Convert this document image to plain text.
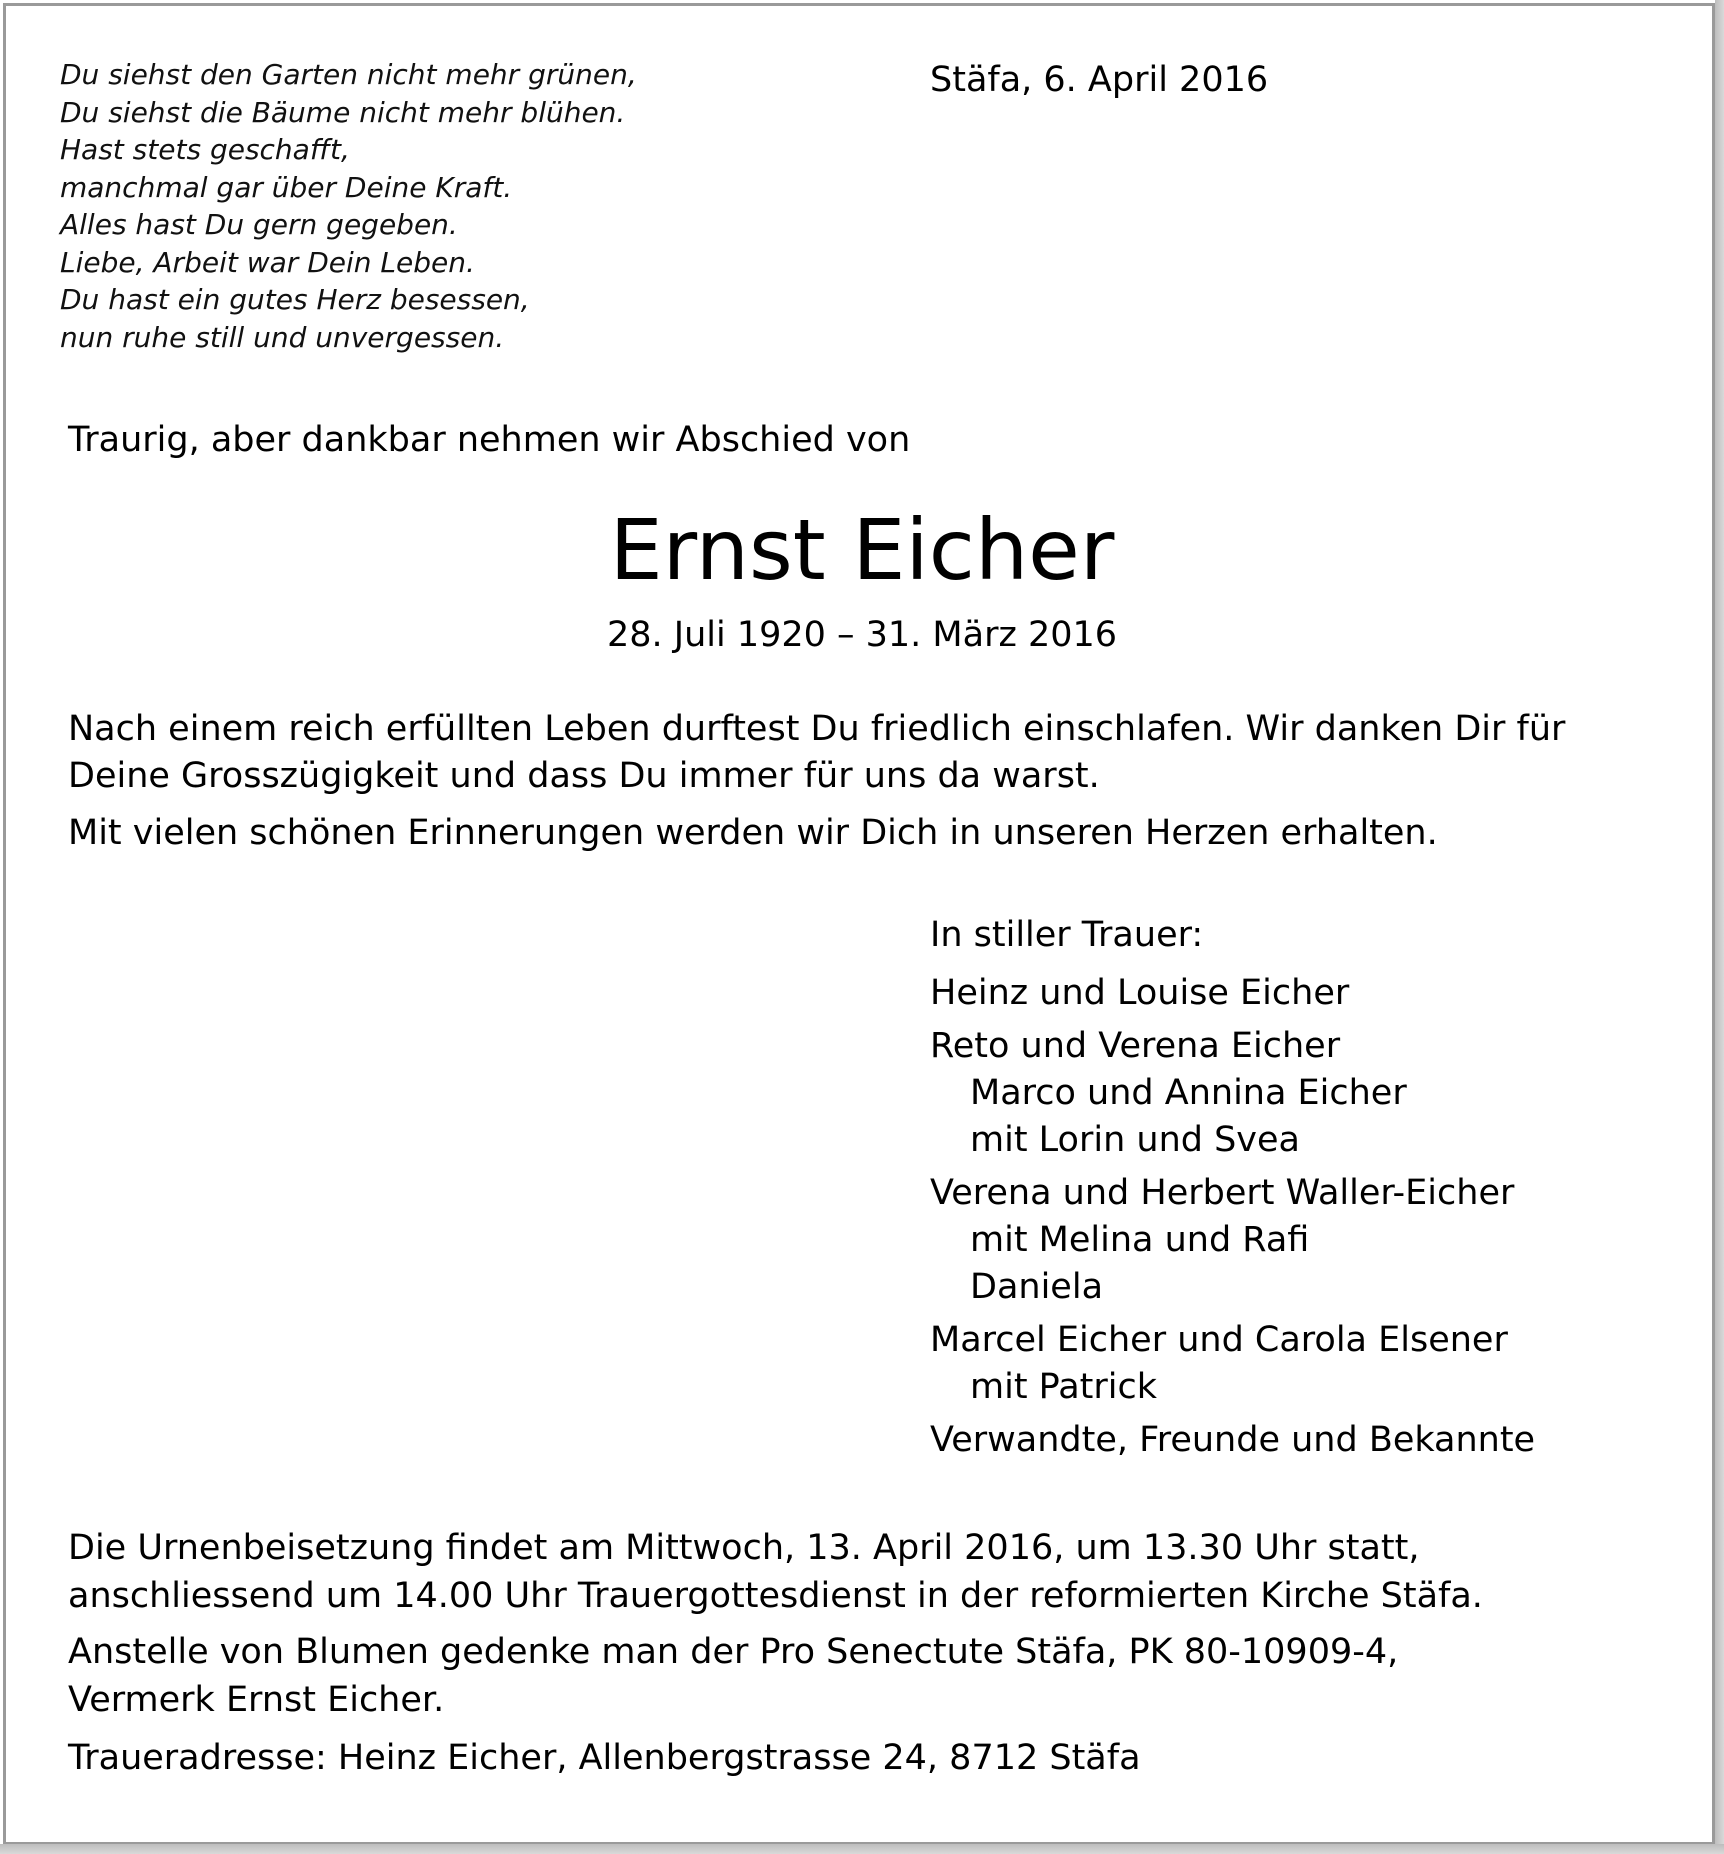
Du siehst den Garten nicht mehr grünen,
Du siehst die Bäume nicht mehr blühen.
Hast stets geschafft,
manchmal gar über Deine Kraft.
Alles hast Du gern gegeben.
Liebe, Arbeit war Dein Leben.
Du hast ein gutes Herz besessen,
nun ruhe still und unvergessen.
Stäfa, 6. April 2016
Traurig, aber dankbar nehmen wir Abschied von
Ernst Eicher
28. Juli 1920 – 31. März 2016

Nach einem reich erfüllten Leben durftest Du friedlich einschlafen. Wir danken Dir für
Deine Grosszügigkeit und dass Du immer für uns da warst.

Mit vielen schönen Erinnerungen werden wir Dich in unseren Herzen erhalten.

In stiller Trauer:
Heinz und Louise Eicher
Reto und Verena Eicher
Marco und Annina Eicher
mit Lorin und Svea
Verena und Herbert Waller-Eicher
mit Melina und Rafi
Daniela
Marcel Eicher und Carola Elsener
mit Patrick
Verwandte, Freunde und Bekannte

Die Urnenbeisetzung findet am Mittwoch, 13. April 2016, um 13.30 Uhr statt,
anschliessend um 14.00 Uhr Trauergottesdienst in der reformierten Kirche Stäfa.

Anstelle von Blumen gedenke man der Pro Senectute Stäfa, PK 80-10909-4,
Vermerk Ernst Eicher.

Traueradresse: Heinz Eicher, Allenbergstrasse 24, 8712 Stäfa
